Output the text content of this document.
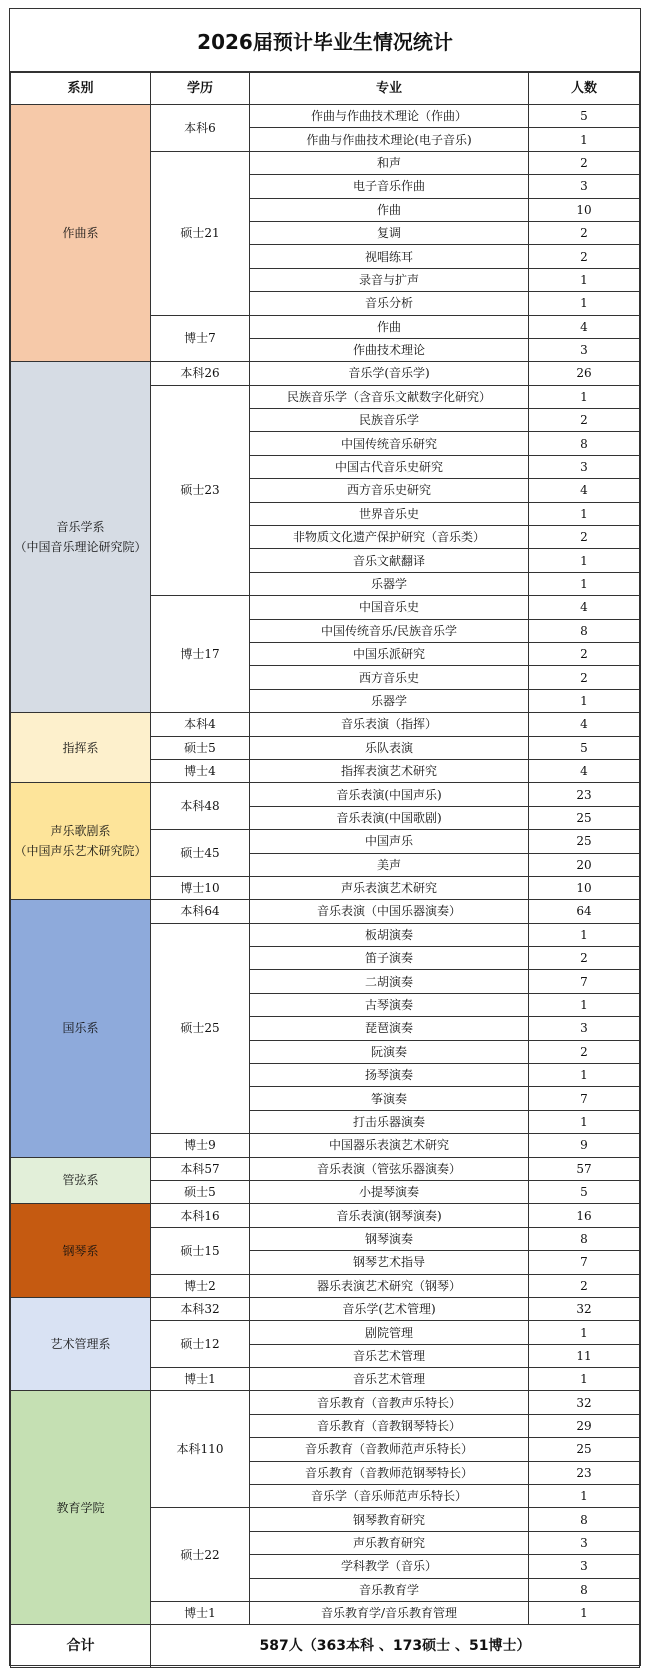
2026届预计毕业生情况统计
系别	学历	专业	人数
作曲系	本科6	作曲与作曲技术理论（作曲）	5
		作曲与作曲技术理论(电子音乐)	1
	硕士21	和声	2
		电子音乐作曲	3
		作曲	10
		复调	2
		视唱练耳	2
		录音与扩声	1
		音乐分析	1
	博士7	作曲	4
		作曲技术理论	3
音乐学系
（中国音乐理论研究院）	本科26	音乐学(音乐学)	26
	硕士23	民族音乐学（含音乐文献数字化研究）	1
		民族音乐学	2
		中国传统音乐研究	8
		中国古代音乐史研究	3
		西方音乐史研究	4
		世界音乐史	1
		非物质文化遗产保护研究（音乐类）	2
		音乐文献翻译	1
		乐器学	1
	博士17	中国音乐史	4
		中国传统音乐/民族音乐学	8
		中国乐派研究	2
		西方音乐史	2
		乐器学	1
指挥系	本科4	音乐表演（指挥）	4
	硕士5	乐队表演	5
	博士4	指挥表演艺术研究	4
声乐歌剧系
（中国声乐艺术研究院）	本科48	音乐表演(中国声乐)	23
		音乐表演(中国歌剧)	25
	硕士45	中国声乐	25
		美声	20
	博士10	声乐表演艺术研究	10
国乐系	本科64	音乐表演（中国乐器演奏）	64
	硕士25	板胡演奏	1
		笛子演奏	2
		二胡演奏	7
		古琴演奏	1
		琵琶演奏	3
		阮演奏	2
		扬琴演奏	1
		筝演奏	7
		打击乐器演奏	1
	博士9	中国器乐表演艺术研究	9
管弦系	本科57	音乐表演（管弦乐器演奏）	57
	硕士5	小提琴演奏	5
钢琴系	本科16	音乐表演(钢琴演奏)	16
	硕士15	钢琴演奏	8
		钢琴艺术指导	7
	博士2	器乐表演艺术研究（钢琴）	2
艺术管理系	本科32	音乐学(艺术管理)	32
	硕士12	剧院管理	1
		音乐艺术管理	11
	博士1	音乐艺术管理	1
教育学院	本科110	音乐教育（音教声乐特长）	32
		音乐教育（音教钢琴特长）	29
		音乐教育（音教师范声乐特长）	25
		音乐教育（音教师范钢琴特长）	23
		音乐学（音乐师范声乐特长）	1
	硕士22	钢琴教育研究	8
		声乐教育研究	3
		学科教学（音乐）	3
		音乐教育学	8
	博士1	音乐教育学/音乐教育管理	1
合计	587人（363本科 、173硕士 、51博士）		
